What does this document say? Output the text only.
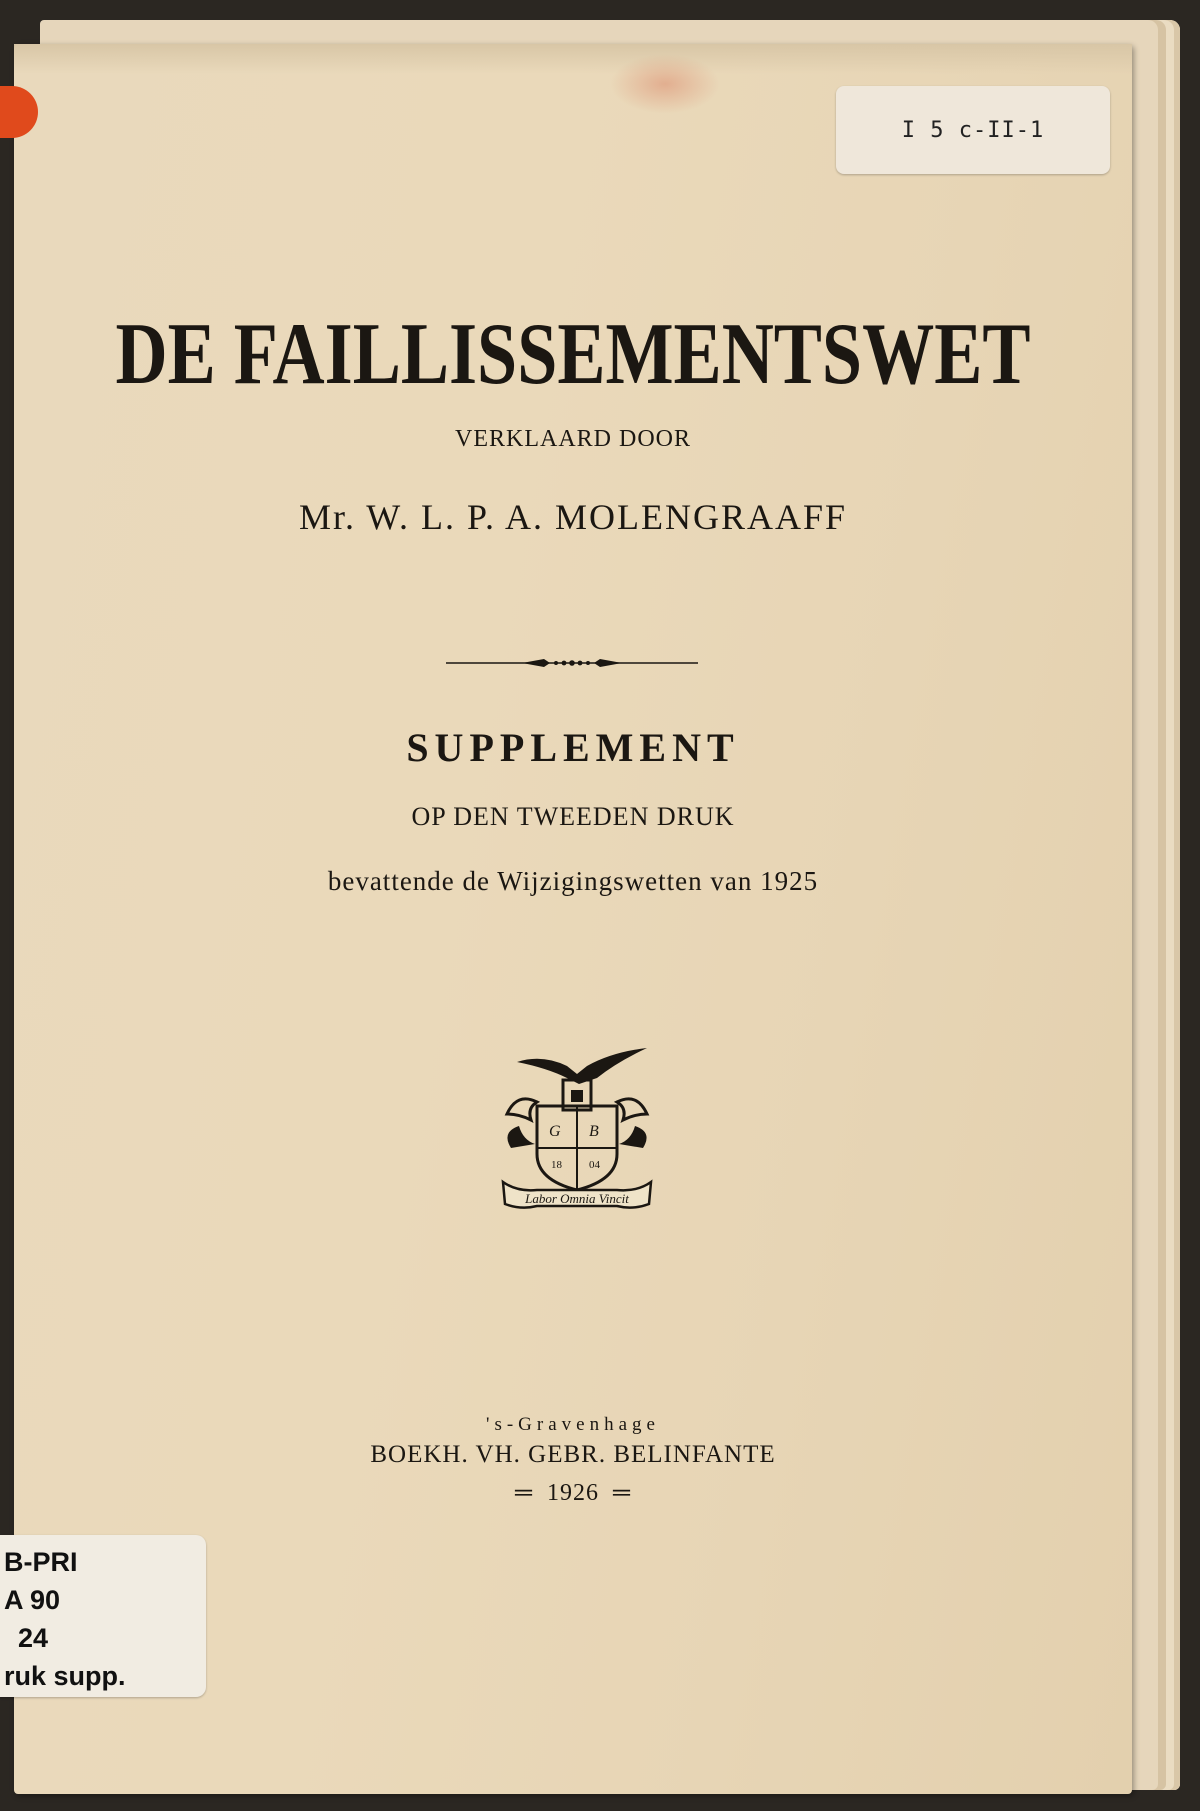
I 5 c-II-1
DE FAILLISSEMENTSWET
VERKLAARD DOOR
Mr. W. L. P. A. MOLENGRAAFF
SUPPLEMENT
OP DEN TWEEDEN DRUK
bevattende de Wijzigingswetten van 1925
G B
18 04
Labor Omnia Vincit
's-Gravenhage
BOEKH. VH. GEBR. BELINFANTE
═ 1926 ═
B-PRI
A 90
24
ruk supp.
